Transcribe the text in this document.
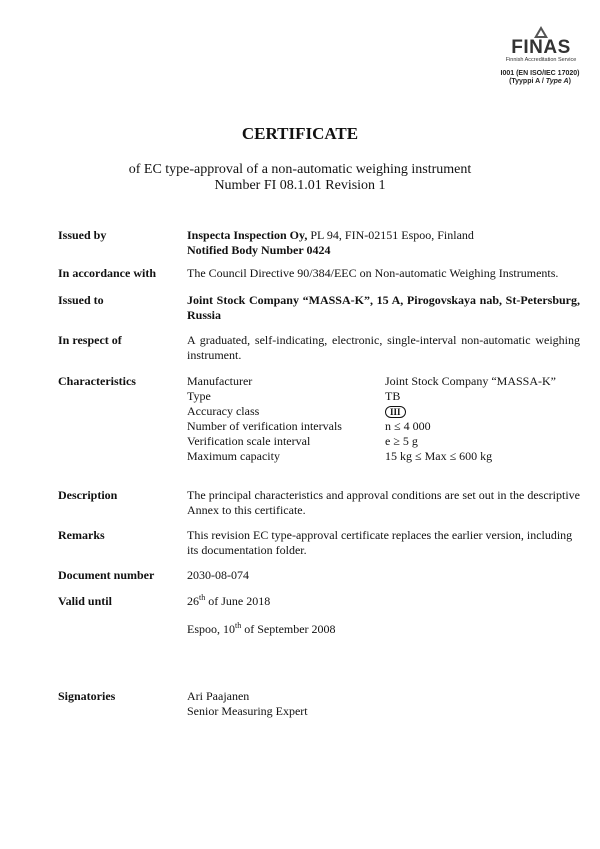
FINAS
Finnish Accreditation Service
I001 (EN ISO/IEC 17020)
(Tyyppi A / Type A)
CERTIFICATE
of EC type-approval of a non-automatic weighing instrument
Number FI 08.1.01 Revision 1
Issued by	Inspecta Inspection Oy, PL 94, FIN-02151 Espoo, Finland
Notified Body Number 0424
In accordance with	The Council Directive 90/384/EEC on Non-automatic Weighing Instruments.
Issued to	Joint Stock Company “MASSA-K”, 15 A, Pirogovskaya nab, St-Petersburg, Russia
In respect of	A graduated, self-indicating, electronic, single-interval non-automatic weighing instrument.
Characteristics	Manufacturer	Joint Stock Company “MASSA-K”
Type	TB
Accuracy class	III
Number of verification intervals	n ≤ 4 000
Verification scale interval	e ≥ 5 g
Maximum capacity	15 kg ≤ Max ≤ 600 kg
Description	The principal characteristics and approval conditions are set out in the descriptive Annex to this certificate.
Remarks	This revision EC type-approval certificate replaces the earlier version, including its documentation folder.
Document number	2030-08-074
Valid until	26th of June 2018
Espoo, 10th of September 2008
Signatories	Ari Paajanen
Senior Measuring Expert
